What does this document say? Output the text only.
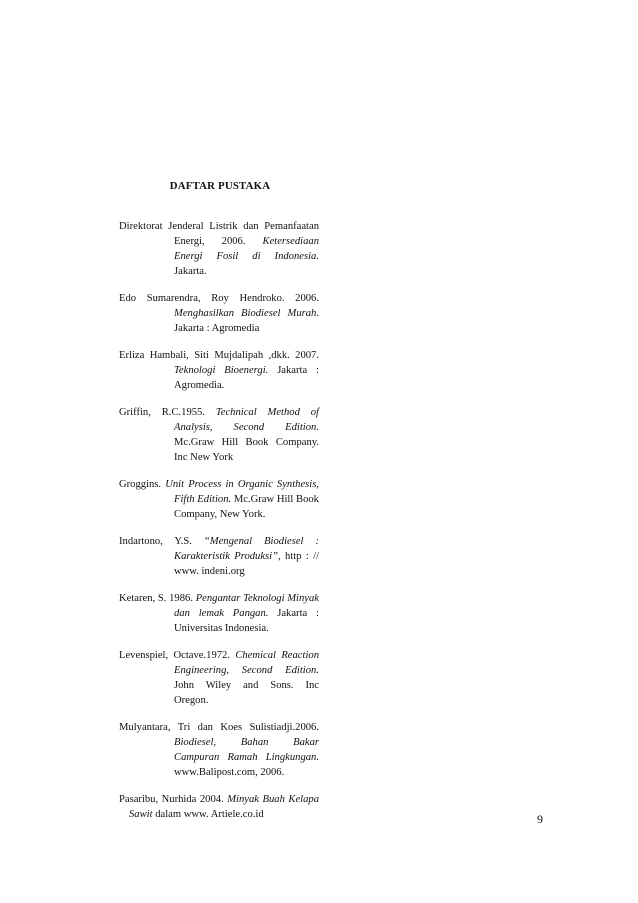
DAFTAR PUSTAKA

Direktorat Jenderal Listrik dan Pemanfaatan Energi, 2006. Ketersediaan Energi Fosil di Indonesia. Jakarta.

Edo Sumarendra, Roy Hendroko. 2006. Menghasilkan Biodiesel Murah. Jakarta : Agromedia

Erliza Hambali, Siti Mujdalipah ,dkk. 2007. Teknologi Bioenergi. Jakarta : Agromedia.

Griffin, R.C.1955. Technical Method of Analysis, Second Edition. Mc.Graw Hill Book Company. Inc New York

Groggins. Unit Process in Organic Synthesis, Fifth Edition. Mc.Graw Hill Book Company, New York.

Indartono, Y.S. “Mengenal Biodiesel : Karakteristik Produksi”, http : // www. indeni.org

Ketaren, S. 1986. Pengantar Teknologi Minyak dan lemak Pangan. Jakarta : Universitas Indonesia.

Levenspiel, Octave.1972. Chemical Reaction Engineering, Second Edition. John Wiley and Sons. Inc Oregon.

Mulyantara, Tri dan Koes Sulistiadji.2006. Biodiesel, Bahan Bakar Campuran Ramah Lingkungan. www.Balipost.com, 2006.

Pasaribu, Nurhida 2004. Minyak Buah Kelapa Sawit dalam www. Artiele.co.id	9
